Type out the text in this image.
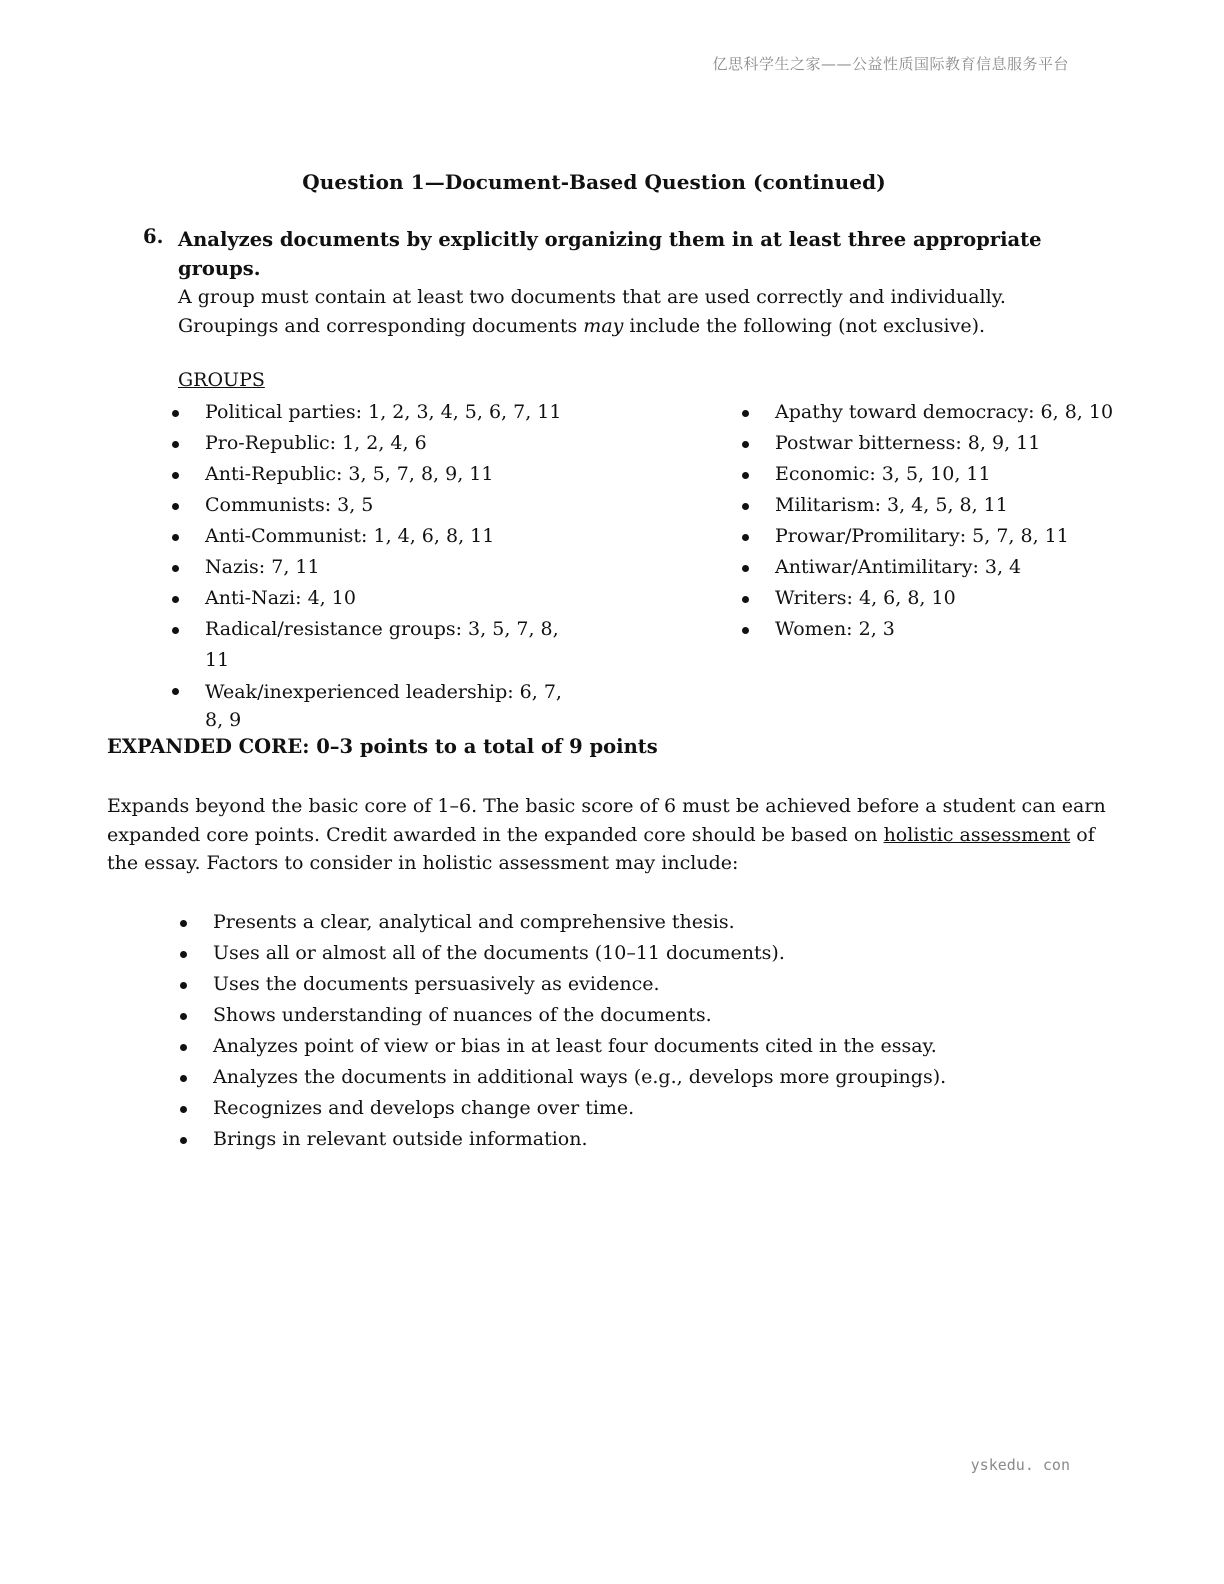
亿思科学生之家——公益性质国际教育信息服务平台
Question 1—Document-Based Question (continued)
6. Analyzes documents by explicitly organizing them in at least three appropriate groups.
A group must contain at least two documents that are used correctly and individually.
Groupings and corresponding documents may include the following (not exclusive).
GROUPS
Political parties: 1, 2, 3, 4, 5, 6, 7, 11
Pro-Republic: 1, 2, 4, 6
Anti-Republic: 3, 5, 7, 8, 9, 11
Communists: 3, 5
Anti-Communist: 1, 4, 6, 8, 11
Nazis: 7, 11
Anti-Nazi: 4, 10
Radical/resistance groups: 3, 5, 7, 8, 11
Weak/inexperienced leadership: 6, 7, 8, 9
Apathy toward democracy: 6, 8, 10
Postwar bitterness: 8, 9, 11
Economic: 3, 5, 10, 11
Militarism: 3, 4, 5, 8, 11
Prowar/Promilitary: 5, 7, 8, 11
Antiwar/Antimilitary: 3, 4
Writers: 4, 6, 8, 10
Women: 2, 3
EXPANDED CORE: 0–3 points to a total of 9 points
Expands beyond the basic core of 1–6. The basic score of 6 must be achieved before a student can earn expanded core points. Credit awarded in the expanded core should be based on holistic assessment of the essay. Factors to consider in holistic assessment may include:
Presents a clear, analytical and comprehensive thesis.
Uses all or almost all of the documents (10–11 documents).
Uses the documents persuasively as evidence.
Shows understanding of nuances of the documents.
Analyzes point of view or bias in at least four documents cited in the essay.
Analyzes the documents in additional ways (e.g., develops more groupings).
Recognizes and develops change over time.
Brings in relevant outside information.
yskedu. con
